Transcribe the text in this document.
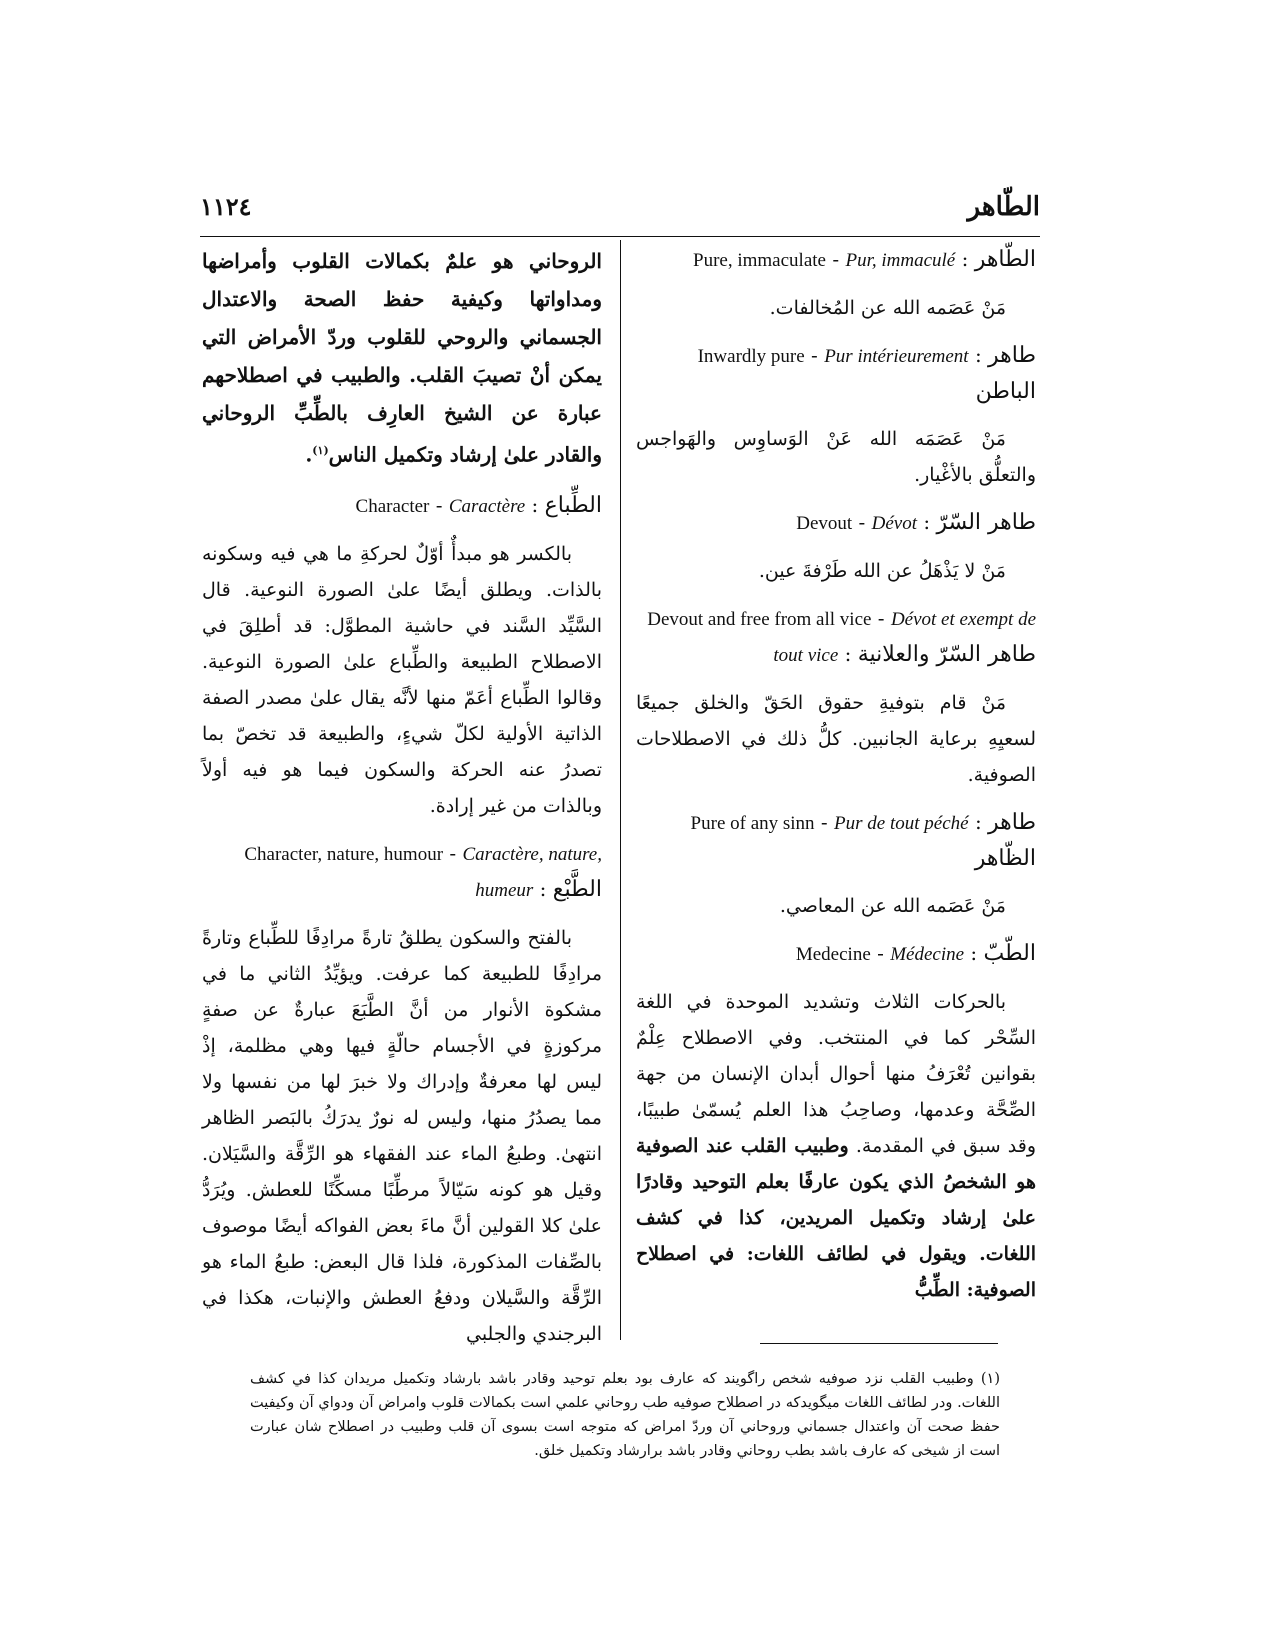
الطّاهر
١١٢٤
Pure, immaculate - Pur, immaculé : الطّاهر

مَنْ عَصَمه الله عن المُخالفات.

Inwardly pure - Pur intérieurement : طاهر الباطن

مَنْ عَصَمَه الله عَنْ الوَساوِس والهَواجس والتعلُّق بالأغْيار.

Devout - Dévot : طاهر السّرّ

مَنْ لا يَذْهَلُ عن الله طَرْفةَ عين.

Devout and free from all vice - Dévot et exempt de tout vice : طاهر السّرّ والعلانية

مَنْ قام بتوفيةِ حقوق الحَقّ والخلق جميعًا لسعيِهِ برعاية الجانبين. كلُّ ذلك في الاصطلاحات الصوفية.

Pure of any sinn - Pur de tout péché : طاهر الظّاهر

مَنْ عَصَمه الله عن المعاصي.

Medecine - Médecine : الطّبّ

بالحركات الثلاث وتشديد الموحدة في اللغة السِّحْر كما في المنتخب. وفي الاصطلاح عِلْمٌ بقوانين تُعْرَفُ منها أحوال أبدان الإنسان من جهة الصِّحَّة وعدمها، وصاحِبُ هذا العلم يُسمّىٰ طبيبًا، وقد سبق في المقدمة. وطبيب القلب عند الصوفية هو الشخصُ الذي يكون عارفًا بعلم التوحيد وقادرًا علىٰ إرشاد وتكميل المريدين، كذا في كشف اللغات. ويقول في لطائف اللغات: في اصطلاح الصوفية: الطِّبُّ

الروحاني هو علمٌ بكمالات القلوب وأمراضها ومداواتها وكيفية حفظ الصحة والاعتدال الجسماني والروحي للقلوب وردّ الأمراض التي يمكن أنْ تصيبَ القلب. والطبيب في اصطلاحهم عبارة عن الشيخ العارِف بالطِّبِّ الروحاني والقادر علىٰ إرشاد وتكميل الناس$^{(١)}$.

Character - Caractère : الطِّباع

بالكسر هو مبدأٌ أوّلٌ لحركةِ ما هي فيه وسكونه بالذات. ويطلق أيضًا علىٰ الصورة النوعية. قال السَّيِّد السَّند في حاشية المطوَّل: قد أطلِقَ في الاصطلاح الطبيعة والطِّباع علىٰ الصورة النوعية. وقالوا الطِّباع أعَمّ منها لأنَّه يقال علىٰ مصدر الصفة الذاتية الأولية لكلّ شيءٍ، والطبيعة قد تخصّ بما تصدرُ عنه الحركة والسكون فيما هو فيه أولاً وبالذات من غير إرادة.

Character, nature, humour - Caractère, nature, humeur : الطَّبْع

بالفتح والسكون يطلقُ تارةً مرادِفًا للطِّباع وتارةً مرادِفًا للطبيعة كما عرفت. ويؤيِّدُ الثاني ما في مشكوة الأنوار من أنَّ الطَّبَعَ عبارةٌ عن صفةٍ مركوزةٍ في الأجسام حالّةٍ فيها وهي مظلمة، إذْ ليس لها معرفةٌ وإدراك ولا خبرَ لها من نفسها ولا مما يصدُرُ منها، وليس له نورٌ يدرَكُ بالبَصر الظاهر انتهىٰ. وطبعُ الماء عند الفقهاء هو الرِّقَّة والسَّيَلان. وقيل هو كونه سَيّالاً مرطِّبًا مسكِّنًا للعطش. ويُرَدُّ علىٰ كلا القولين أنَّ ماءَ بعض الفواكه أيضًا موصوف بالصِّفات المذكورة، فلذا قال البعض: طبعُ الماء هو الرِّقَّة والسَّيلان ودفعُ العطش والإنبات، هكذا في البرجندي والجلبي

(١) وطبيب القلب نزد صوفيه شخص راگويند كه عارف بود بعلم توحيد وقادر باشد بارشاد وتكميل مريدان كذا في كشف اللغات. ودر لطائف اللغات ميگويدكه در اصطلاح صوفيه طب روحاني علمي است بكمالات قلوب وامراض آن ودواي آن وكيفيت حفظ صحت آن واعتدال جسماني وروحاني آن وردّ امراض كه متوجه است بسوى آن قلب وطبيب در اصطلاح شان عبارت است از شيخى كه عارف باشد بطب روحاني وقادر باشد برارشاد وتكميل خلق.
